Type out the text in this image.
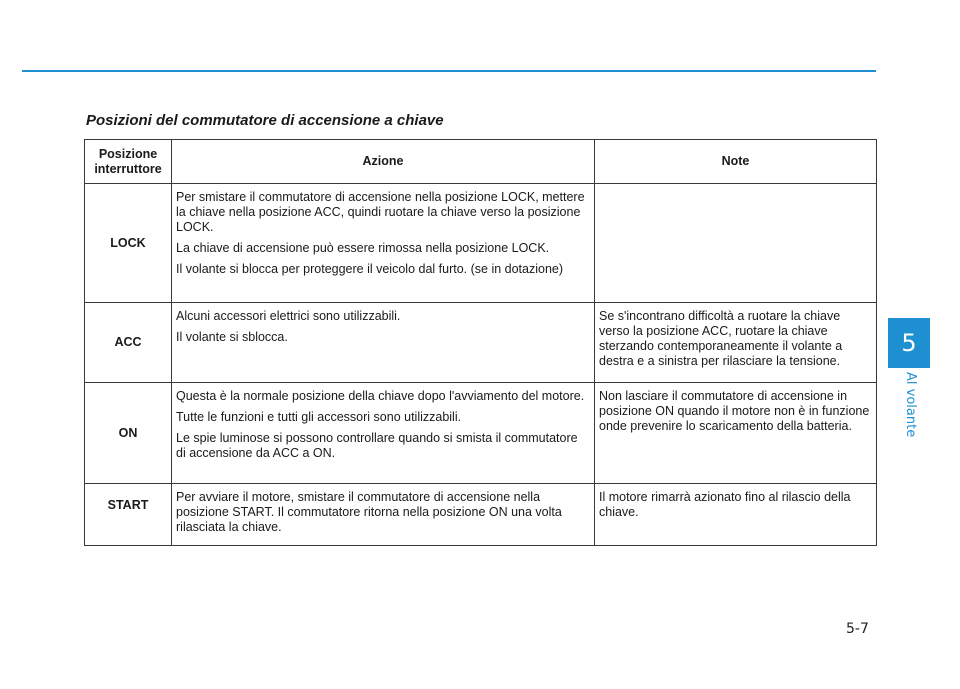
Posizioni del commutatore di accensione a chiave
Posizione
interruttore	Azione	Note
LOCK	Per smistare il commutatore di accensione nella posizione LOCK, mettere la chiave nella posizione ACC, quindi ruotare la chiave verso la posizione LOCK.

La chiave di accensione può essere rimossa nella posizione LOCK.

Il volante si blocca per proteggere il veicolo dal furto. (se in dotazione)	

ACC	Alcuni accessori elettrici sono utilizzabili.

Il volante si sblocca.	Se s'incontrano difficoltà a ruotare la chiave verso la posizione ACC, ruotare la chiave sterzando contemporaneamente il volante a destra e a sinistra per rilasciare la tensione.
ON	Questa è la normale posizione della chiave dopo l'avviamento del motore.

Tutte le funzioni e tutti gli accessori sono utilizzabili.

Le spie luminose si possono controllare quando si smista il commutatore di accensione da ACC a ON.	Non lasciare il commutatore di accensione in posizione ON quando il motore non è in funzione onde prevenire lo scaricamento della batteria.
START	Per avviare il motore, smistare il commutatore di accensione nella posizione START. Il commutatore ritorna nella posizione ON una volta rilasciata la chiave.	Il motore rimarrà azionato fino al rilascio della chiave.
5
Al volante
5-7
